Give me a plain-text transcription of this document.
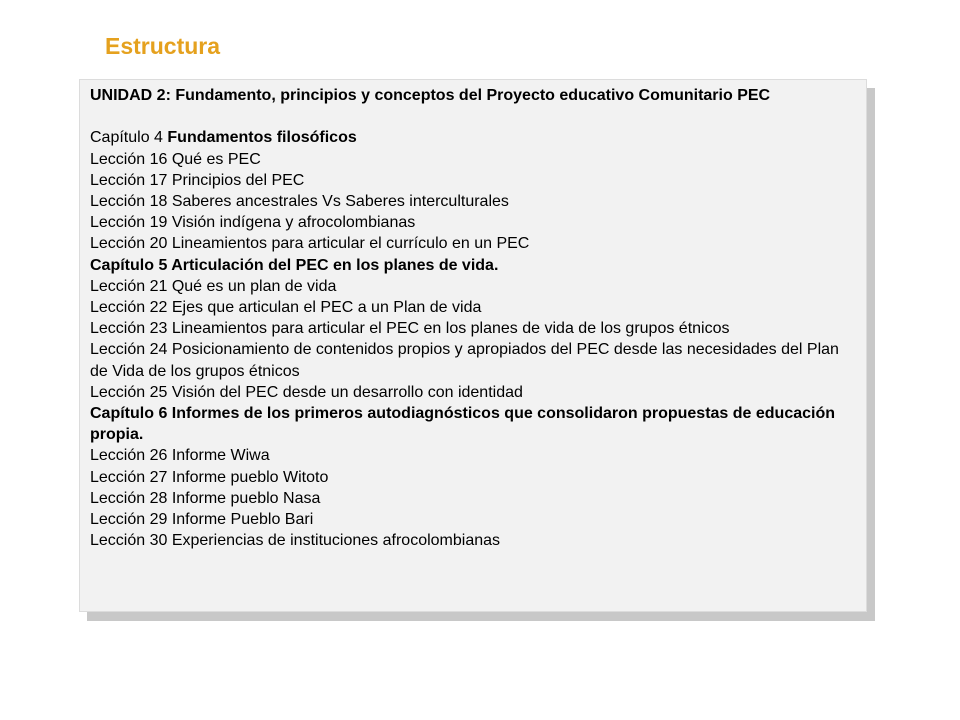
Estructura

UNIDAD 2: Fundamento, principios y conceptos del Proyecto educativo Comunitario PEC

Capítulo 4 Fundamentos filosóficos

Lección 16 Qué es PEC

Lección 17 Principios del PEC

Lección 18 Saberes ancestrales Vs Saberes interculturales

Lección 19 Visión indígena y afrocolombianas

Lección 20 Lineamientos para articular el currículo en un PEC

Capítulo 5 Articulación del PEC en los planes de vida.

Lección 21 Qué es un plan de vida

Lección 22 Ejes que articulan el PEC a un Plan de vida

Lección 23 Lineamientos para articular el PEC en los planes de vida de los grupos étnicos

Lección 24 Posicionamiento de contenidos propios y apropiados del PEC desde las necesidades del Plan de Vida de los grupos étnicos

Lección 25 Visión del PEC desde un desarrollo con identidad

Capítulo 6 Informes de los primeros autodiagnósticos que consolidaron propuestas de educación propia.

Lección 26 Informe Wiwa

Lección 27 Informe pueblo Witoto

Lección 28 Informe pueblo Nasa

Lección 29 Informe Pueblo Bari

Lección 30 Experiencias de instituciones afrocolombianas
